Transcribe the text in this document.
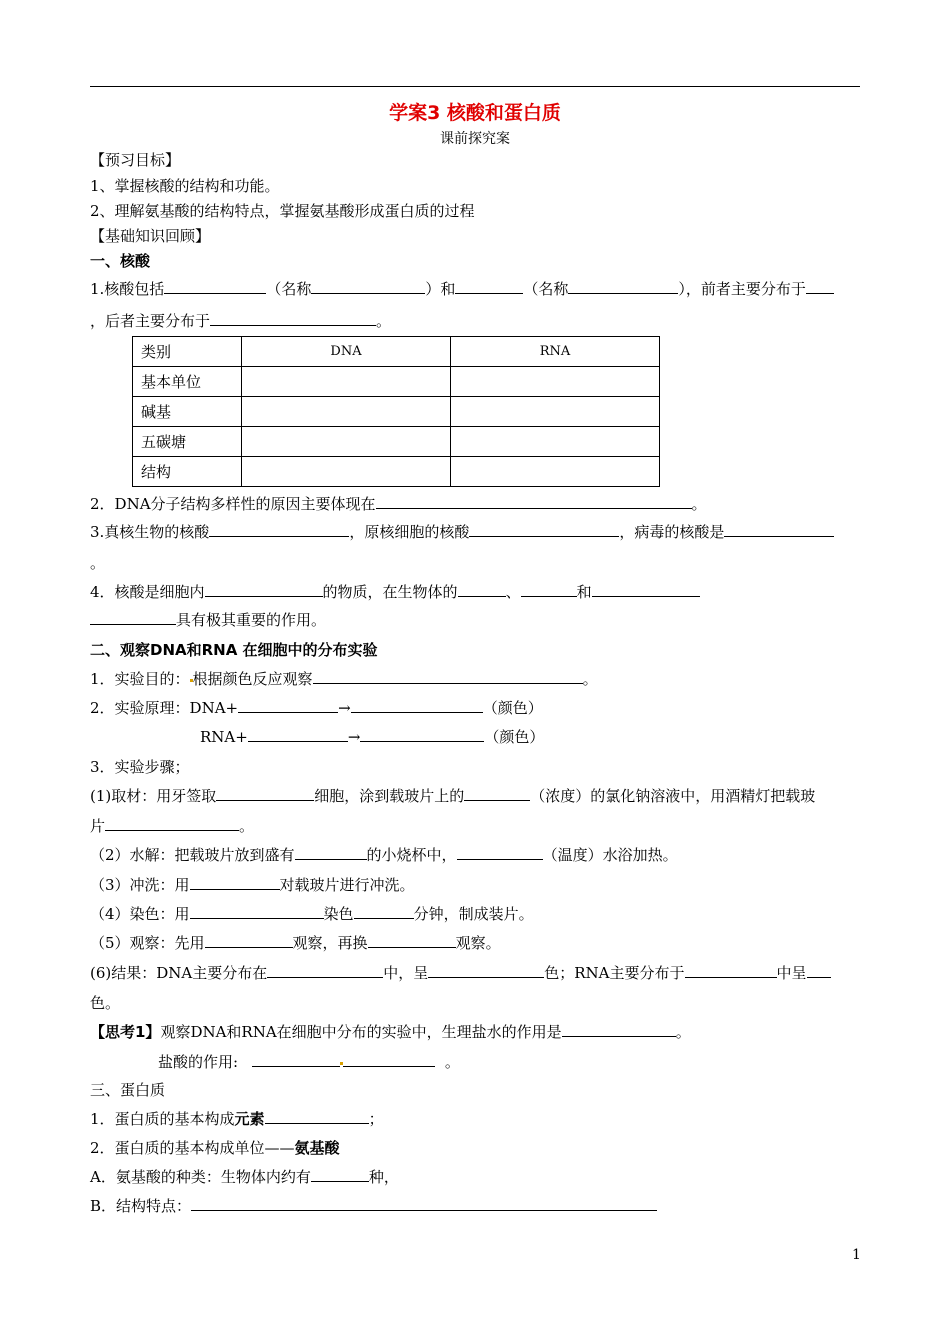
学案3 核酸和蛋白质
课前探究案
【预习目标】
1、掌握核酸的结构和功能。
2、理解氨基酸的结构特点，掌握氨基酸形成蛋白质的过程
【基础知识回顾】
一、核酸
1.核酸包括	（名称	）和	（名称	），前者主要分布于
，后者主要分布于	。
类别	DNA	RNA
基本单位		
碱基		
五碳塘		
结构		
2．DNA分子结构多样性的原因主要体现在	。
3.真核生物的核酸	，原核细胞的核酸	，病毒的核酸是
。
4．核酸是细胞内	的物质，在生物体的	、	和
具有极其重要的作用。
二、观察DNA和RNA 在细胞中的分布实验
1．实验目的： 根据颜色反应观察	。
2．实验原理：DNA+	→	（颜色）
RNA+	→	（颜色）
3．实验步骤；
(1)取材：用牙签取	细胞，涂到载玻片上的	（浓度）的氯化钠溶液中，用酒精灯把载玻
片	。
（2）水解：把载玻片放到盛有	的小烧杯中，	（温度）水浴加热。
（3）冲洗：用	对载玻片进行冲洗。
（4）染色：用	染色	分钟，制成装片。
（5）观察：先用	观察，再换	观察。
(6)结果：DNA主要分布在	中，呈	色；RNA主要分布于	中呈
色。
【思考1】观察DNA和RNA在细胞中分布的实验中，生理盐水的作用是	。
盐酸的作用:	。
三、蛋白质
1．蛋白质的基本构成元素	；
2．蛋白质的基本构成单位——氨基酸
A．氨基酸的种类：生物体内约有	种，
B．结构特点：
1
